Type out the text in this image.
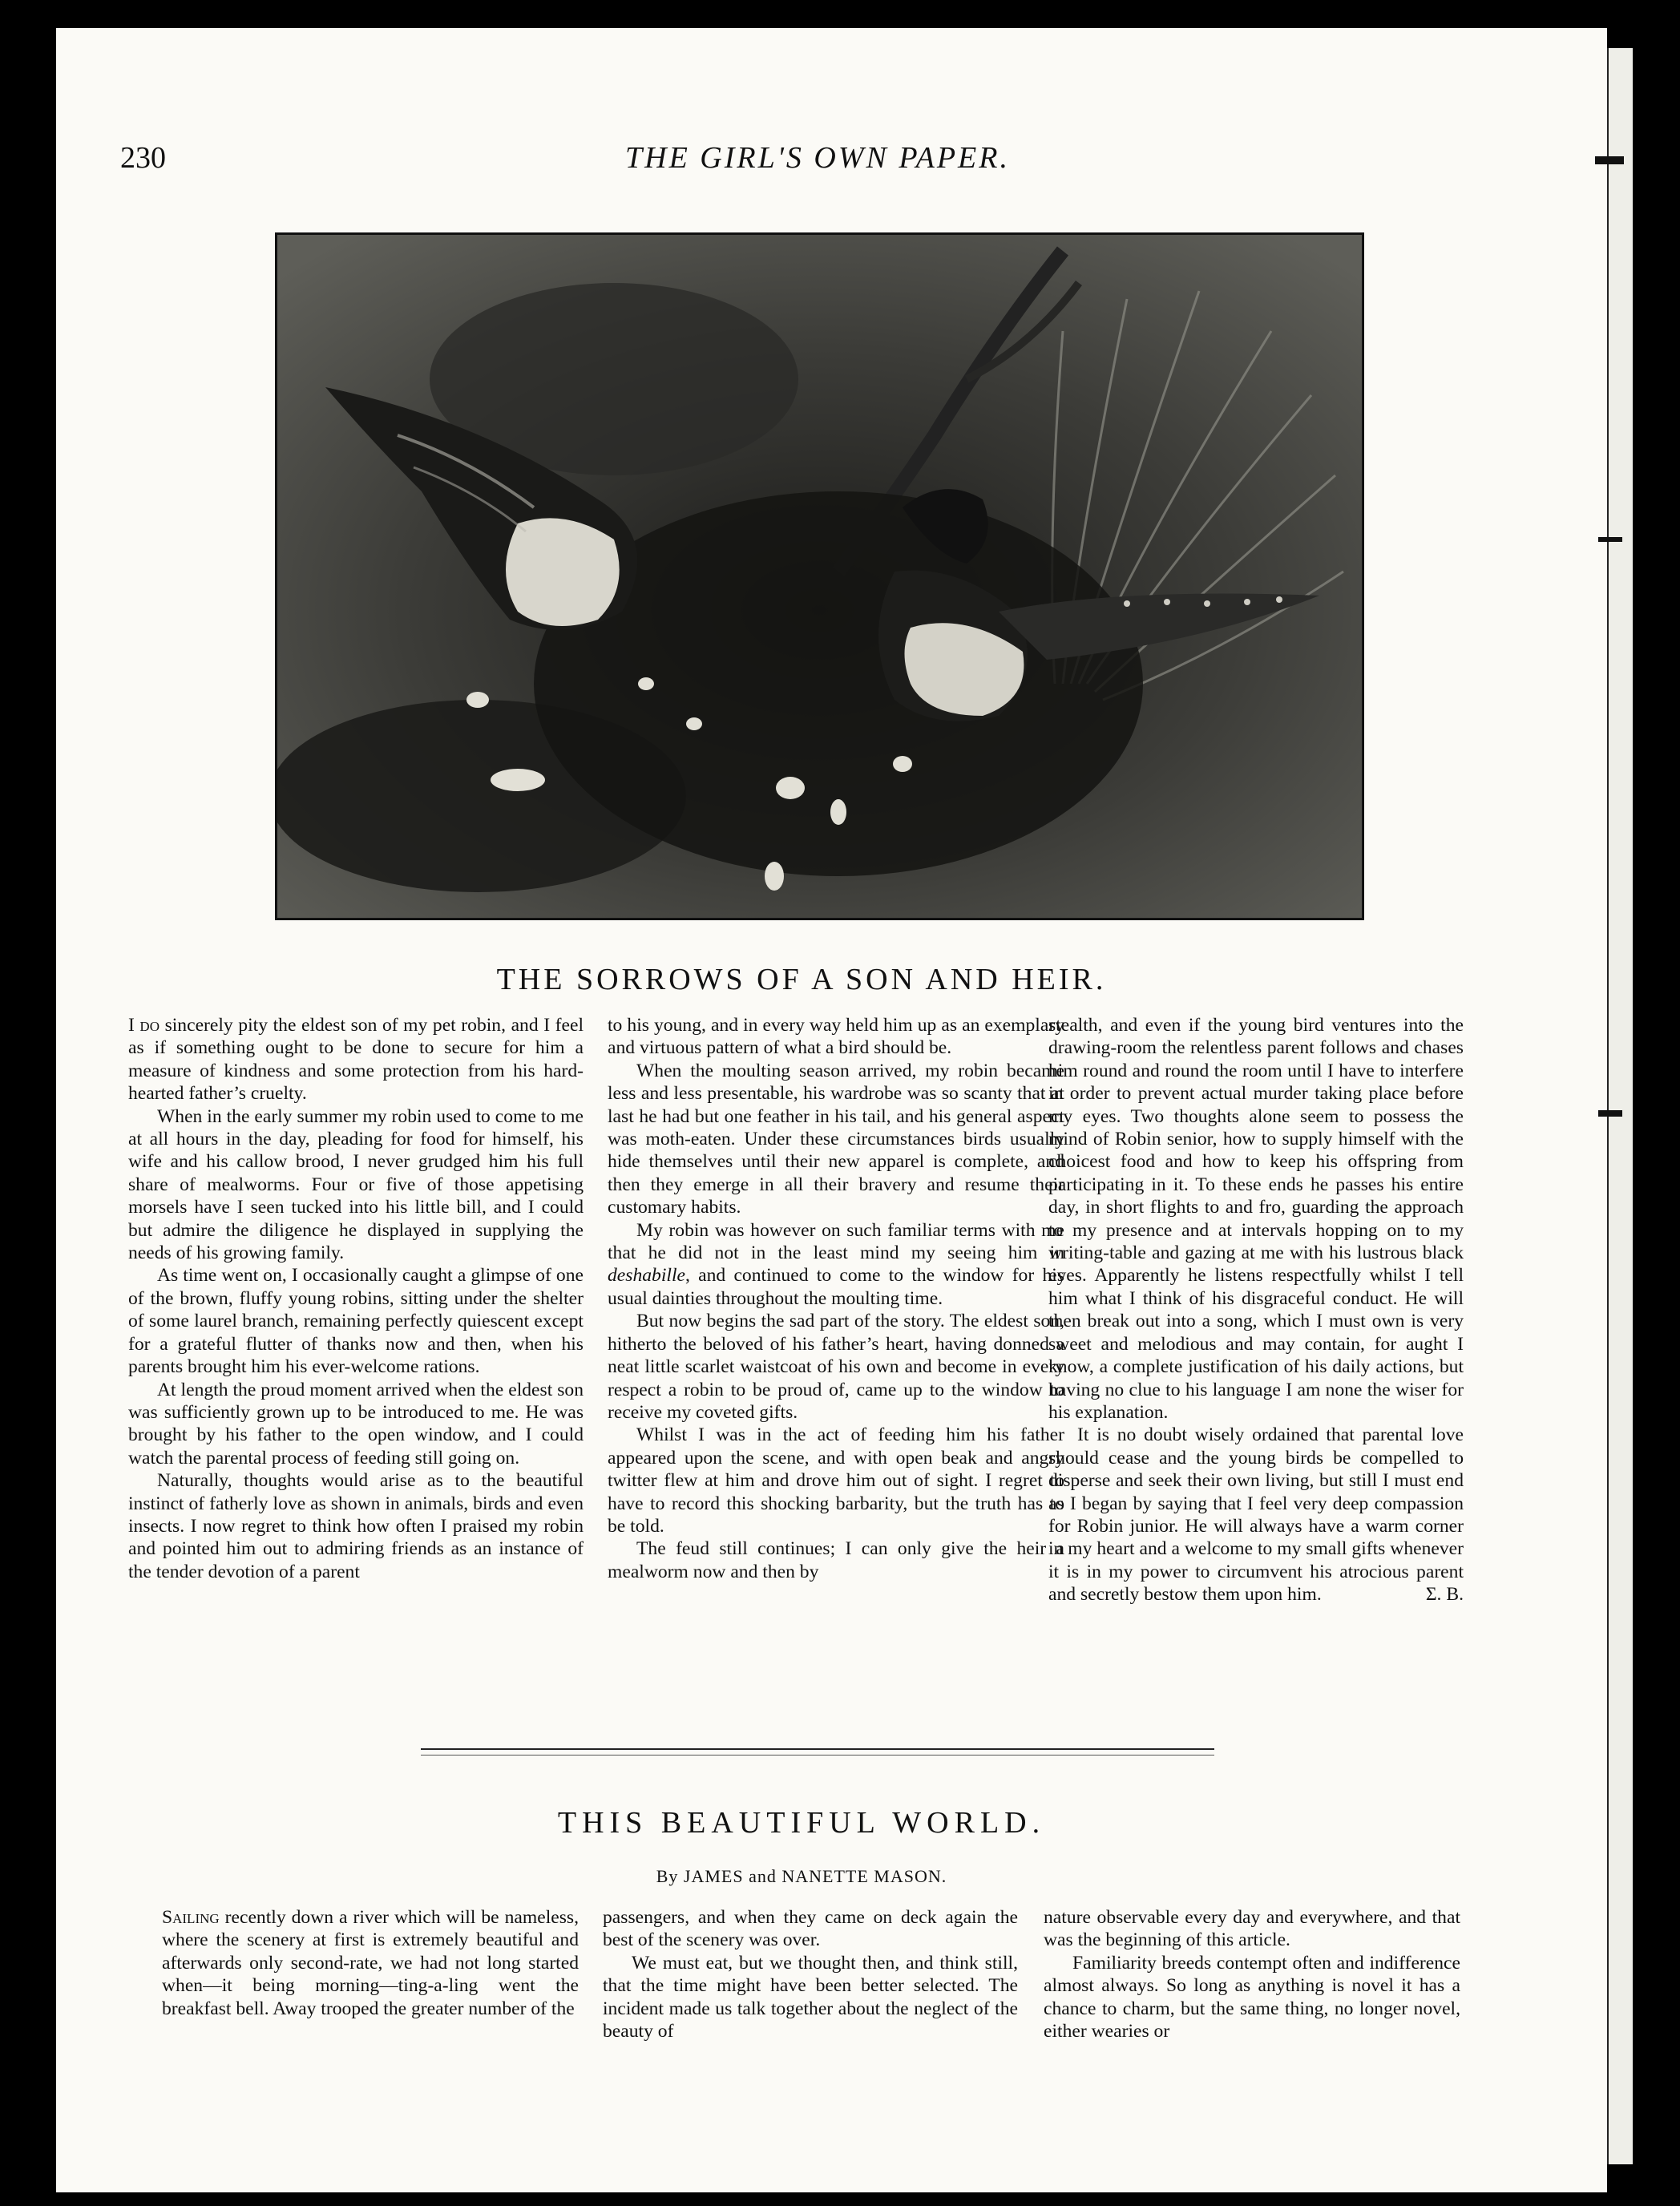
230	THE GIRL'S OWN PAPER.
THE SORROWS OF A SON AND HEIR.

I do sincerely pity the eldest son of my pet robin, and I feel as if something ought to be done to secure for him a measure of kindness and some protection from his hard-hearted father’s cruelty.

When in the early summer my robin used to come to me at all hours in the day, pleading for food for himself, his wife and his callow brood, I never grudged him his full share of mealworms. Four or five of those appetising morsels have I seen tucked into his little bill, and I could but admire the diligence he displayed in supplying the needs of his growing family.

As time went on, I occasionally caught a glimpse of one of the brown, fluffy young robins, sitting under the shelter of some laurel branch, remaining perfectly quiescent except for a grateful flutter of thanks now and then, when his parents brought him his ever-welcome rations.

At length the proud moment arrived when the eldest son was sufficiently grown up to be introduced to me. He was brought by his father to the open window, and I could watch the parental process of feeding still going on.

Naturally, thoughts would arise as to the beautiful instinct of fatherly love as shown in animals, birds and even insects. I now regret to think how often I praised my robin and pointed him out to admiring friends as an instance of the tender devotion of a parent

to his young, and in every way held him up as an exemplary and virtuous pattern of what a bird should be.

When the moulting season arrived, my robin became less and less presentable, his wardrobe was so scanty that at last he had but one feather in his tail, and his general aspect was moth-eaten. Under these circumstances birds usually hide themselves until their new apparel is complete, and then they emerge in all their bravery and resume their customary habits.

My robin was however on such familiar terms with me that he did not in the least mind my seeing him in deshabille, and continued to come to the window for his usual dainties throughout the moulting time.

But now begins the sad part of the story. The eldest son, hitherto the beloved of his father’s heart, having donned a neat little scarlet waistcoat of his own and become in every respect a robin to be proud of, came up to the window to receive my coveted gifts.

Whilst I was in the act of feeding him his father appeared upon the scene, and with open beak and angry twitter flew at him and drove him out of sight. I regret to have to record this shocking barbarity, but the truth has to be told.

The feud still continues; I can only give the heir a mealworm now and then by

stealth, and even if the young bird ventures into the drawing-room the relentless parent follows and chases him round and round the room until I have to interfere in order to prevent actual murder taking place before my eyes. Two thoughts alone seem to possess the mind of Robin senior, how to supply himself with the choicest food and how to keep his offspring from participating in it. To these ends he passes his entire day, in short flights to and fro, guarding the approach to my presence and at intervals hopping on to my writing-table and gazing at me with his lustrous black eyes. Apparently he listens respectfully whilst I tell him what I think of his disgraceful conduct. He will then break out into a song, which I must own is very sweet and melodious and may contain, for aught I know, a complete justification of his daily actions, but having no clue to his language I am none the wiser for his explanation.

It is no doubt wisely ordained that parental love should cease and the young birds be compelled to disperse and seek their own living, but still I must end as I began by saying that I feel very deep compassion for Robin junior. He will always have a warm corner in my heart and a welcome to my small gifts whenever it is in my power to circumvent his atrocious parent and secretly bestow them upon him.	Σ. B.

THIS BEAUTIFUL WORLD.
By JAMES and NANETTE MASON.

Sailing recently down a river which will be nameless, where the scenery at first is extremely beautiful and afterwards only second-rate, we had not long started when—it being morning—ting-a-ling went the breakfast bell. Away trooped the greater number of the

passengers, and when they came on deck again the best of the scenery was over.

We must eat, but we thought then, and think still, that the time might have been better selected. The incident made us talk together about the neglect of the beauty of

nature observable every day and everywhere, and that was the beginning of this article.

Familiarity breeds contempt often and indifference almost always. So long as anything is novel it has a chance to charm, but the same thing, no longer novel, either wearies or
